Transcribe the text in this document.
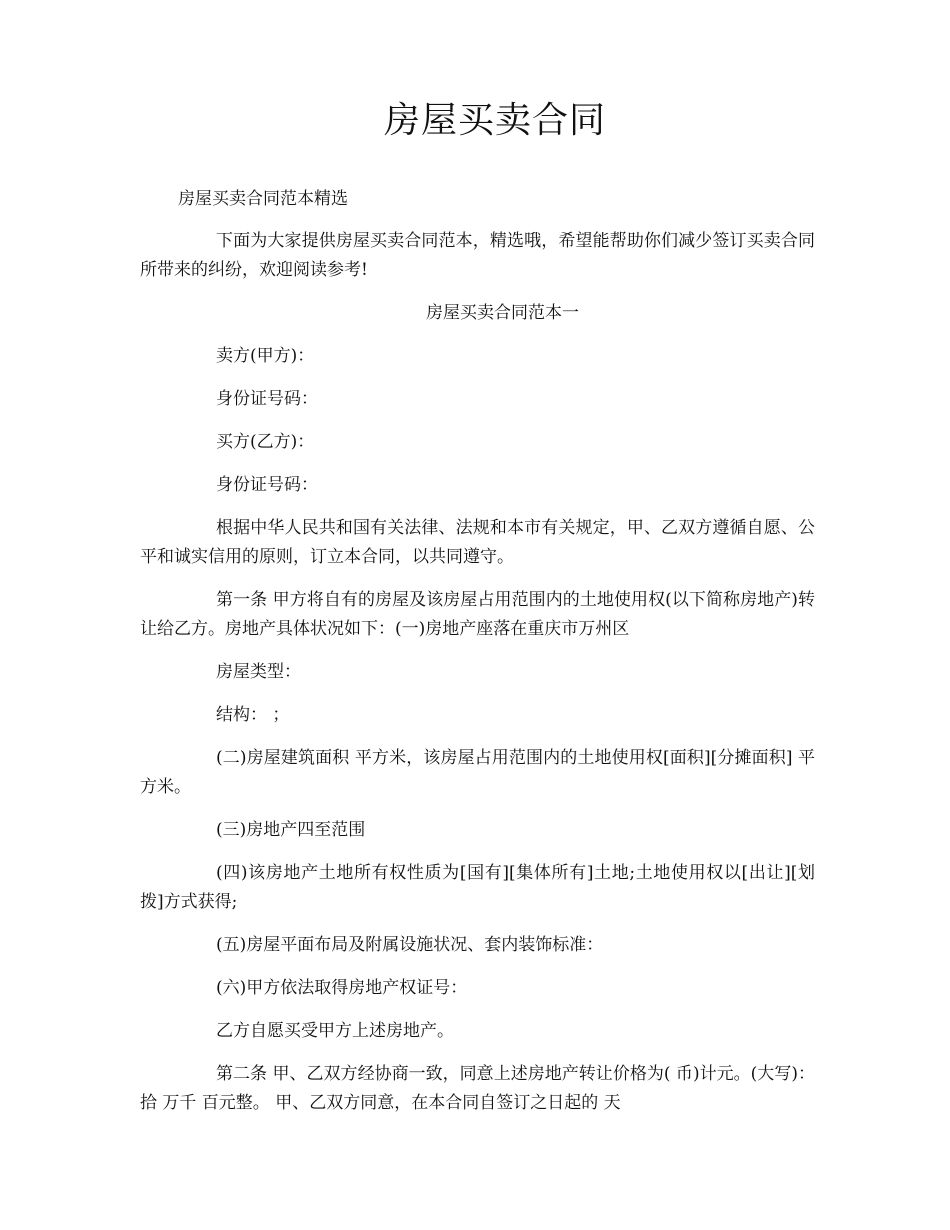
房屋买卖合同
房屋买卖合同范本精选

下面为大家提供房屋买卖合同范本，精选哦，希望能帮助你们减少签订买卖合同所带来的纠纷，欢迎阅读参考!

房屋买卖合同范本一

卖方(甲方)：

身份证号码：

买方(乙方)：

身份证号码：

根据中华人民共和国有关法律、法规和本市有关规定，甲、乙双方遵循自愿、公平和诚实信用的原则，订立本合同，以共同遵守。

第一条 甲方将自有的房屋及该房屋占用范围内的土地使用权(以下简称房地产)转让给乙方。房地产具体状况如下：(一)房地产座落在重庆市万州区

房屋类型：

结构： ；

(二)房屋建筑面积 平方米，该房屋占用范围内的土地使用权[面积][分摊面积] 平方米。

(三)房地产四至范围

(四)该房地产土地所有权性质为[国有][集体所有]土地;土地使用权以[出让][划拨]方式获得;

(五)房屋平面布局及附属设施状况、套内装饰标准：

(六)甲方依法取得房地产权证号：

乙方自愿买受甲方上述房地产。

第二条 甲、乙双方经协商一致，同意上述房地产转让价格为( 币)计元。(大写)： 拾 万千 百元整。 甲、乙双方同意，在本合同自签订之日起的 天
